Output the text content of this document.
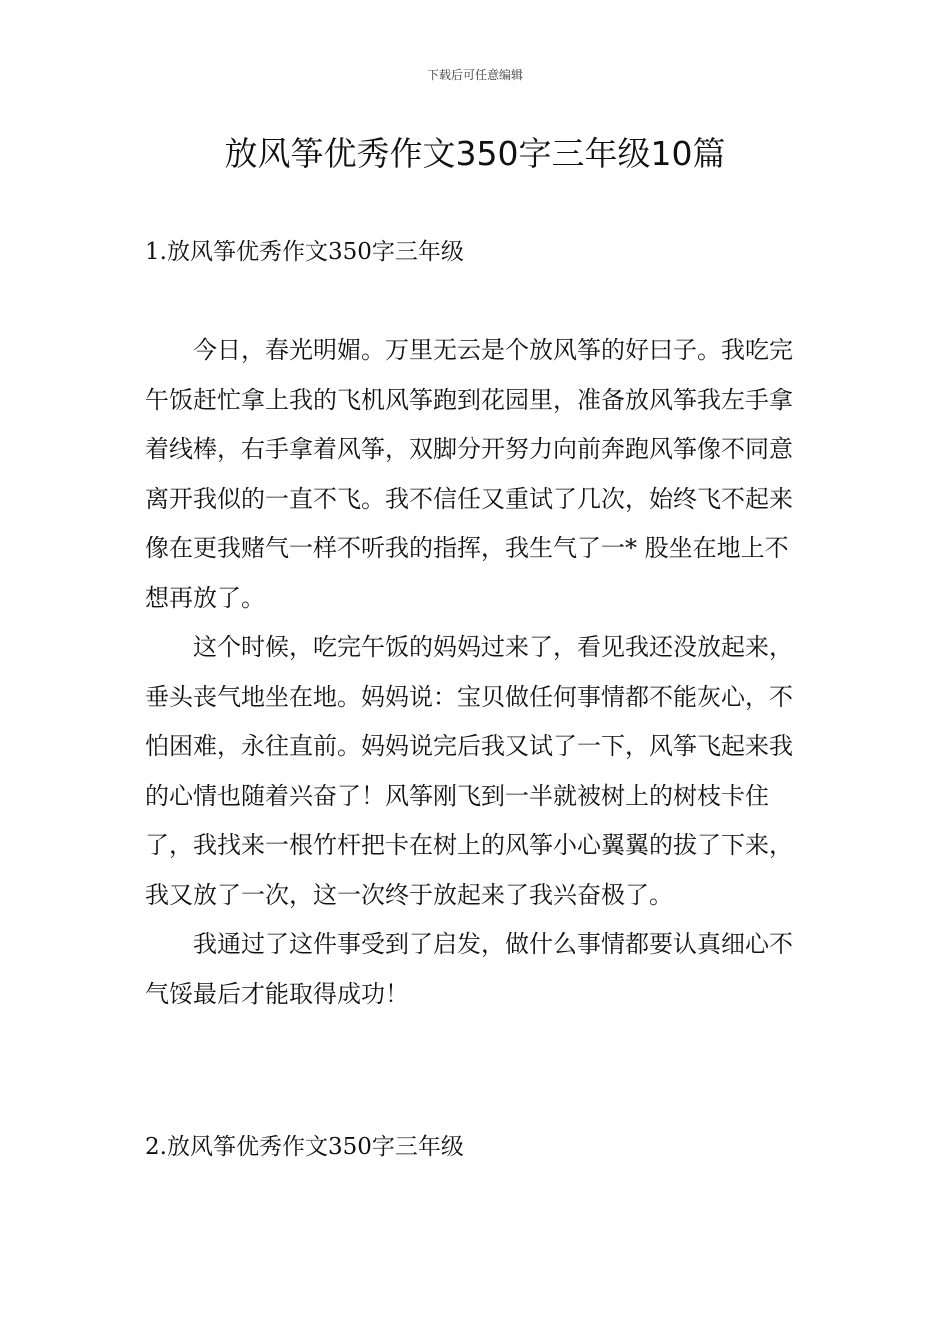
下载后可任意编辑
放风筝优秀作文350字三年级10篇
1.放风筝优秀作文350字三年级

今日，春光明媚。万里无云是个放风筝的好曰子。我吃完午饭赶忙拿上我的飞机风筝跑到花园里，准备放风筝我左手拿着线棒，右手拿着风筝，双脚分开努力向前奔跑风筝像不同意离开我似的一直不飞。我不信任又重试了几次，始终飞不起来像在更我赌气一样不听我的指挥，我生气了一* 股坐在地上不想再放了。

这个时候，吃完午饭的妈妈过来了，看见我还没放起来，垂头丧气地坐在地。妈妈说：宝贝做任何事情都不能灰心，不怕困难，永往直前。妈妈说完后我又试了一下，风筝飞起来我的心情也随着兴奋了！风筝刚飞到一半就被树上的树枝卡住了，我找来一根竹杆把卡在树上的风筝小心翼翼的拔了下来，我又放了一次，这一次终于放起来了我兴奋极了。

我通过了这件事受到了启发，做什么事情都要认真细心不气馁最后才能取得成功！

2.放风筝优秀作文350字三年级
